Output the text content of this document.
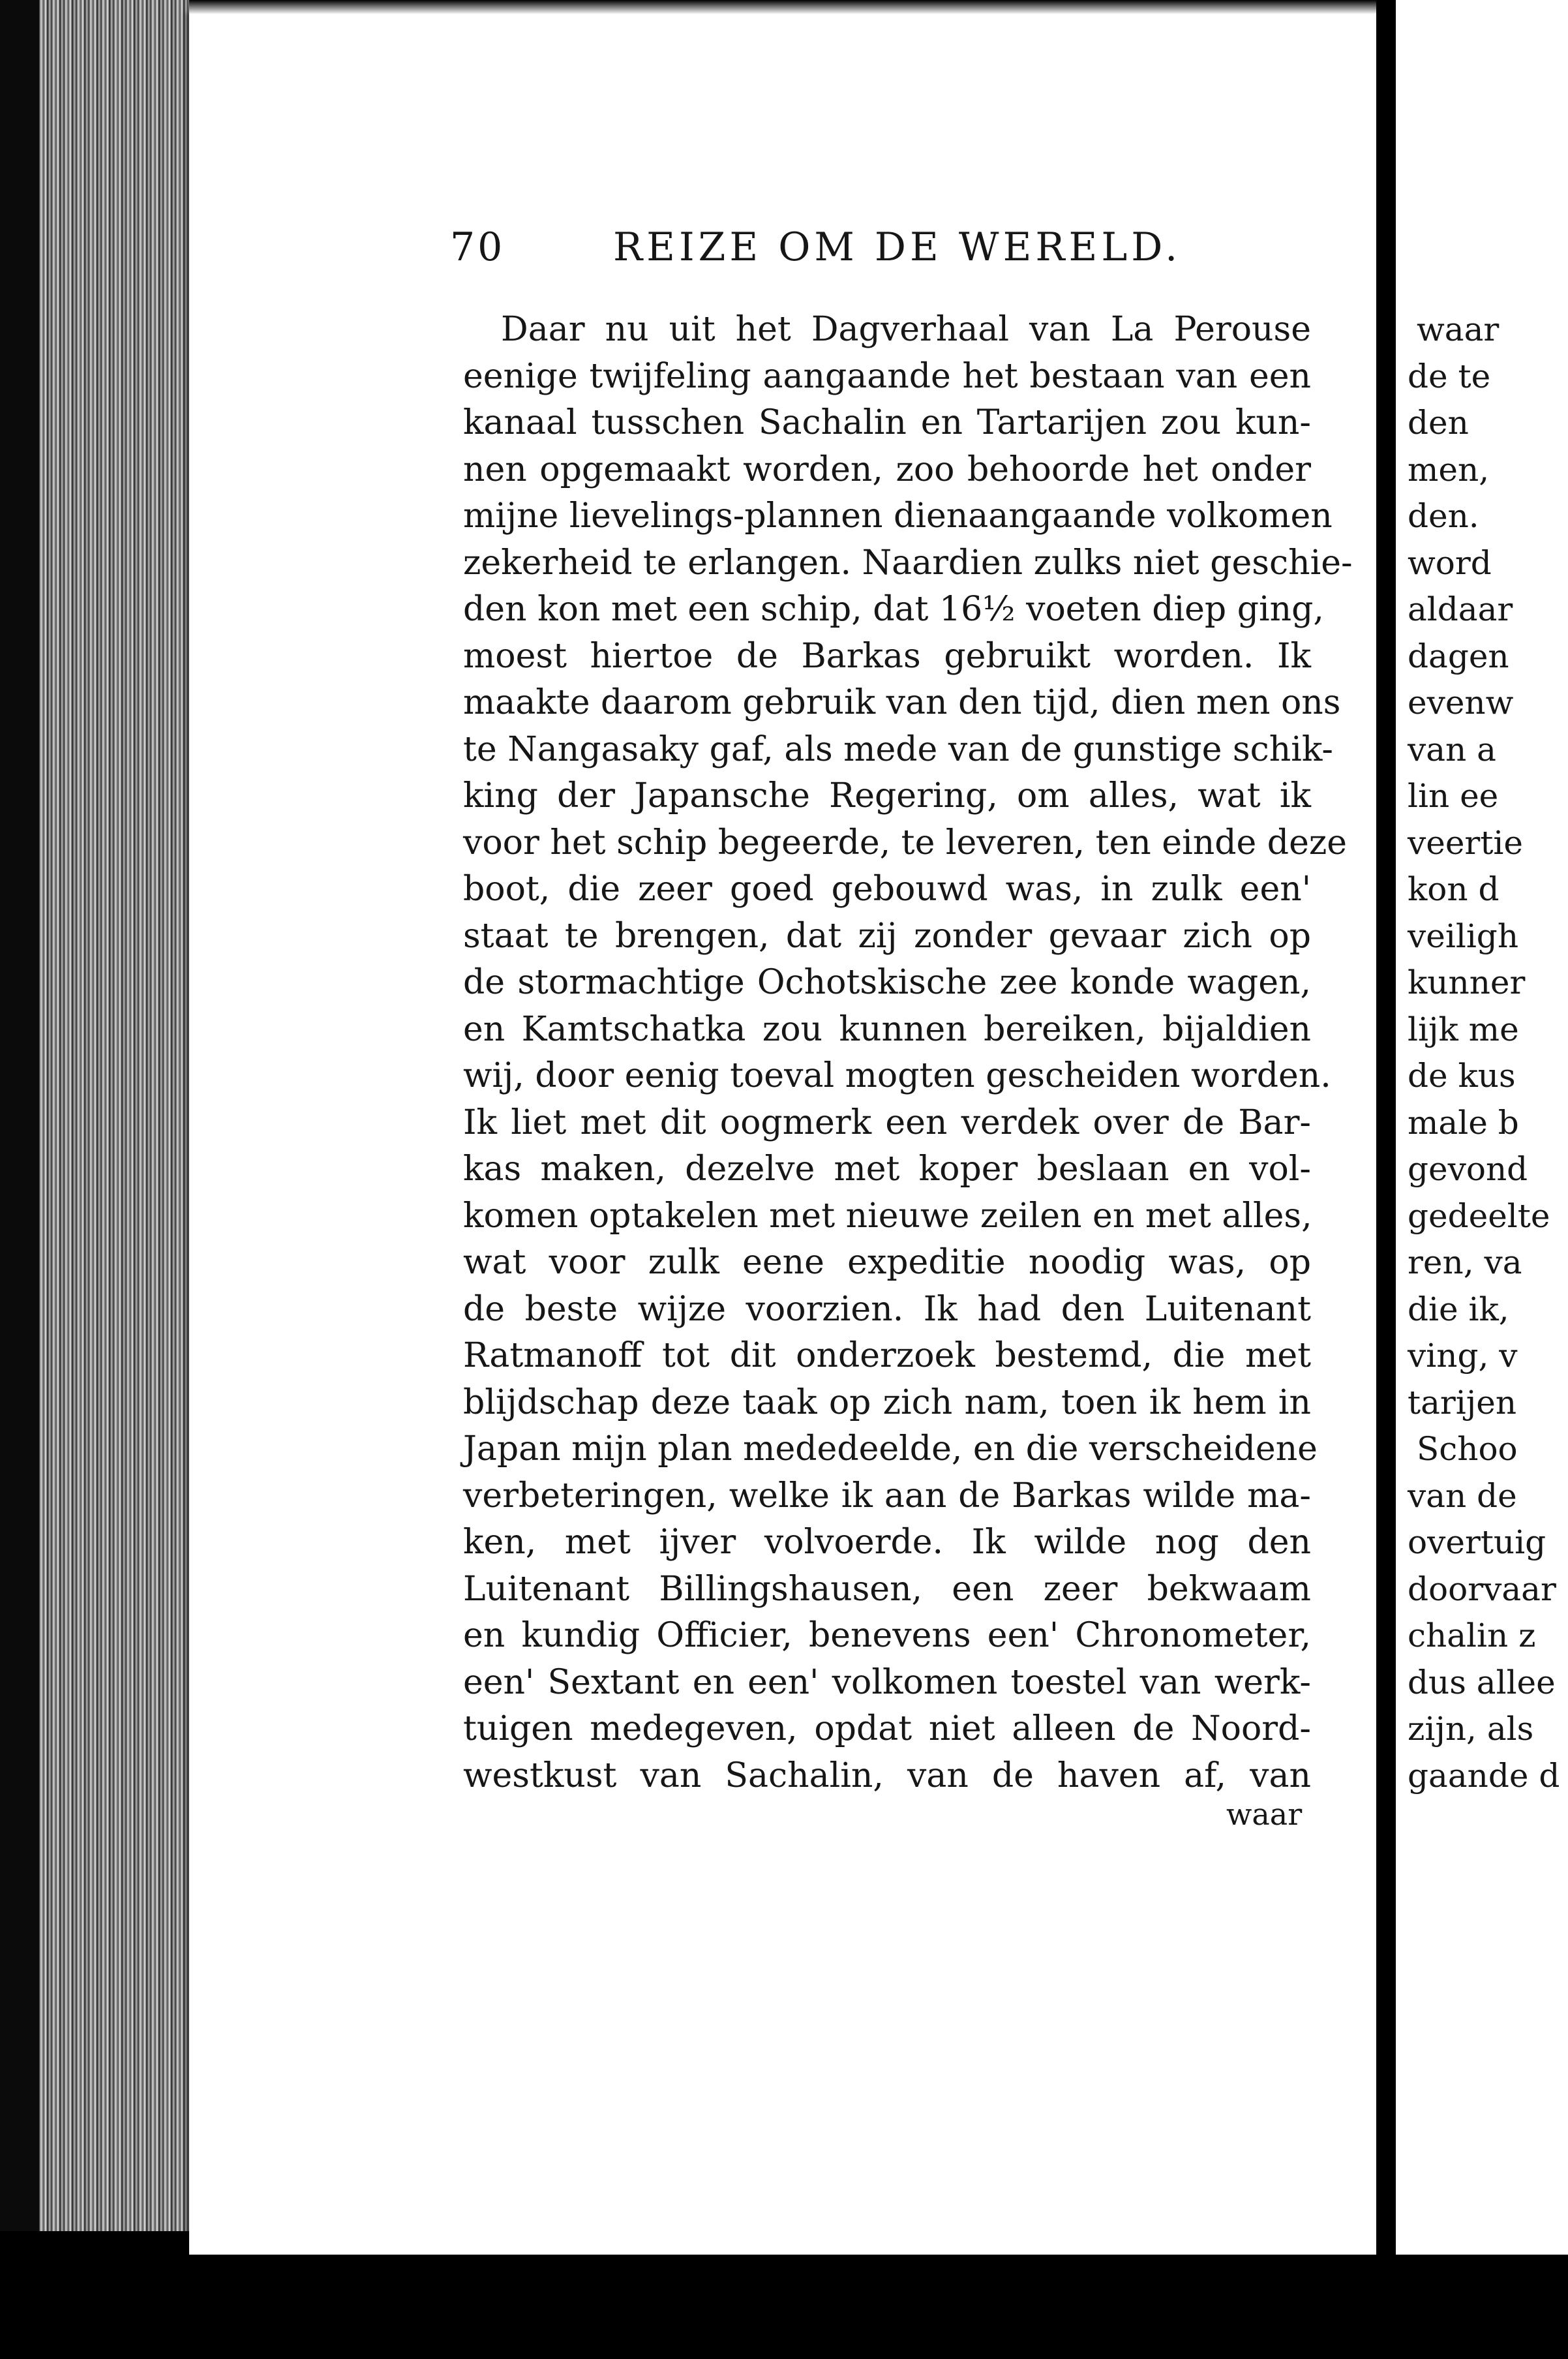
70	REIZE OM DE WERELD.
Daar nu uit het Dagverhaal van La Perouse
eenige twijfeling aangaande het bestaan van een
kanaal tusschen Sachalin en Tartarijen zou kun-
nen opgemaakt worden, zoo behoorde het onder
mijne lievelings-plannen dienaangaande volkomen
zekerheid te erlangen. Naardien zulks niet geschie-
den kon met een schip, dat 16½ voeten diep ging,
moest hiertoe de Barkas gebruikt worden. Ik
maakte daarom gebruik van den tijd, dien men ons
te Nangasaky gaf, als mede van de gunstige schik-
king der Japansche Regering, om alles, wat ik
voor het schip begeerde, te leveren, ten einde deze
boot, die zeer goed gebouwd was, in zulk een'
staat te brengen, dat zij zonder gevaar zich op
de stormachtige Ochotskische zee konde wagen,
en Kamtschatka zou kunnen bereiken, bijaldien
wij, door eenig toeval mogten gescheiden worden.
Ik liet met dit oogmerk een verdek over de Bar-
kas maken, dezelve met koper beslaan en vol-
komen optakelen met nieuwe zeilen en met alles,
wat voor zulk eene expeditie noodig was, op
de beste wijze voorzien. Ik had den Luitenant
Ratmanoff tot dit onderzoek bestemd, die met
blijdschap deze taak op zich nam, toen ik hem in
Japan mijn plan mededeelde, en die verscheidene
verbeteringen, welke ik aan de Barkas wilde ma-
ken, met ijver volvoerde. Ik wilde nog den
Luitenant Billingshausen, een zeer bekwaam
en kundig Officier, benevens een' Chronometer,
een' Sextant en een' volkomen toestel van werk-
tuigen medegeven, opdat niet alleen de Noord-
westkust van Sachalin, van de haven af, van
waar
waar
de te
den
men,
den.
word
aldaar
dagen
evenw
van a
lin ee
veertie
kon d
veiligh
kunner
lijk me
de kus
male b
gevond
gedeelte
ren, va
die ik,
ving, v
tarijen
Schoo
van de
overtuig
doorvaar
chalin z
dus allee
zijn, als
gaande d
